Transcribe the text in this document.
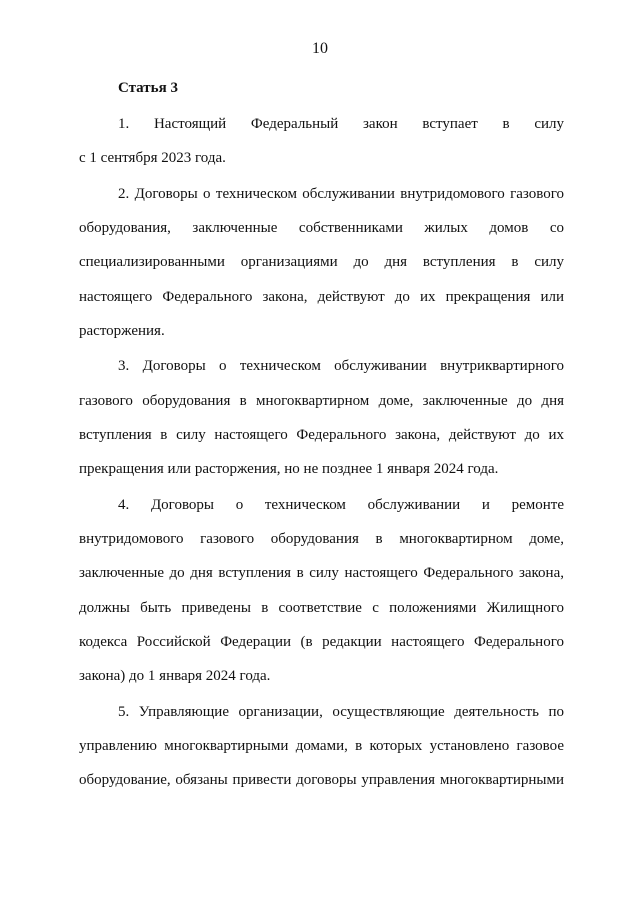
10
Статья 3
1. Настоящий Федеральный закон вступает в силу
с 1 сентября 2023 года.
2. Договоры о техническом обслуживании внутридомового газового
оборудования, заключенные собственниками жилых домов со
специализированными организациями до дня вступления в силу
настоящего Федерального закона, действуют до их прекращения или
расторжения.
3. Договоры о техническом обслуживании внутриквартирного
газового оборудования в многоквартирном доме, заключенные до дня
вступления в силу настоящего Федерального закона, действуют до их
прекращения или расторжения, но не позднее 1 января 2024 года.
4. Договоры о техническом обслуживании и ремонте
внутридомового газового оборудования в многоквартирном доме,
заключенные до дня вступления в силу настоящего Федерального закона,
должны быть приведены в соответствие с положениями Жилищного
кодекса Российской Федерации (в редакции настоящего Федерального
закона) до 1 января 2024 года.
5. Управляющие организации, осуществляющие деятельность по
управлению многоквартирными домами, в которых установлено газовое
оборудование, обязаны привести договоры управления многоквартирными
